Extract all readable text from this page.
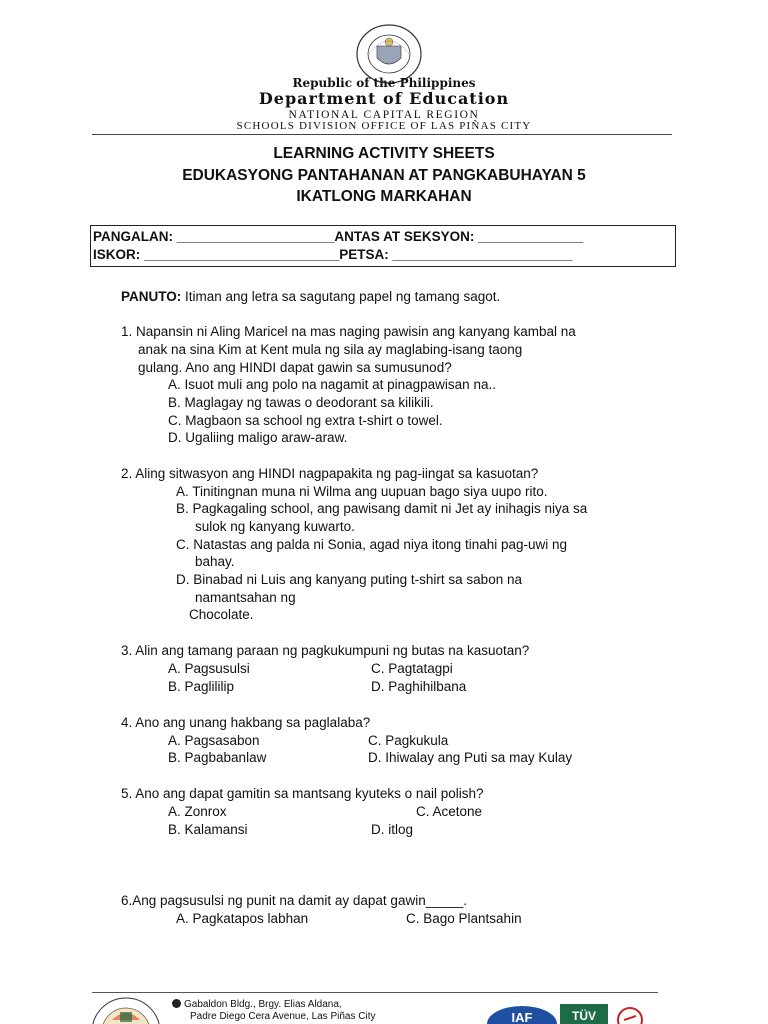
Republic of the Philippines
Department of Education
NATIONAL CAPITAL REGION
SCHOOLS DIVISION OFFICE OF LAS PIÑAS CITY
LEARNING ACTIVITY SHEETS
EDUKASYONG PANTAHANAN AT PANGKABUHAYAN 5
IKATLONG MARKAHAN
PANGALAN: _____________________ANTAS AT SEKSYON: ______________
ISKOR: __________________________PETSA: ________________________
PANUTO: Itiman ang letra sa sagutang papel ng tamang sagot.
1. Napansin ni Aling Maricel na mas naging pawisin ang kanyang kambal na
anak na sina Kim at Kent mula ng sila ay maglabing-isang taong
gulang. Ano ang HINDI dapat gawin sa sumusunod?
A. Isuot muli ang polo na nagamit at pinagpawisan na..
B. Maglagay ng tawas o deodorant sa kilikili.
C. Magbaon sa school ng extra t-shirt o towel.
D. Ugaliing maligo araw-araw.
2. Aling sitwasyon ang HINDI nagpapakita ng pag-iingat sa kasuotan?
A. Tinitingnan muna ni Wilma ang uupuan bago siya uupo rito.
B. Pagkagaling school, ang pawisang damit ni Jet ay inihagis niya sa
sulok ng kanyang kuwarto.
C. Natastas ang palda ni Sonia, agad niya itong tinahi pag-uwi ng
bahay.
D. Binabad ni Luis ang kanyang puting t-shirt sa sabon na
namantsahan ng
Chocolate.
3. Alin ang tamang paraan ng pagkukumpuni ng butas na kasuotan?
A. Pagsusulsi	C. Pagtatagpi
B. Paglililip	D. Paghihilbana
4. Ano ang unang hakbang sa paglalaba?
A. Pagsasabon	C. Pagkukula
B. Pagbabanlaw	D. Ihiwalay ang Puti sa may Kulay
5. Ano ang dapat gamitin sa mantsang kyuteks o nail polish?
A. Zonrox	C. Acetone
B. Kalamansi	D. itlog
6.Ang pagsusulsi ng punit na damit ay dapat gawin_____.
A. Pagkatapos labhan	C. Bago Plantsahin
Gabaldon Bldg., Brgy. Elias Aldana,
Padre Diego Cera Avenue, Las Piñas City	IAF	TÜV
